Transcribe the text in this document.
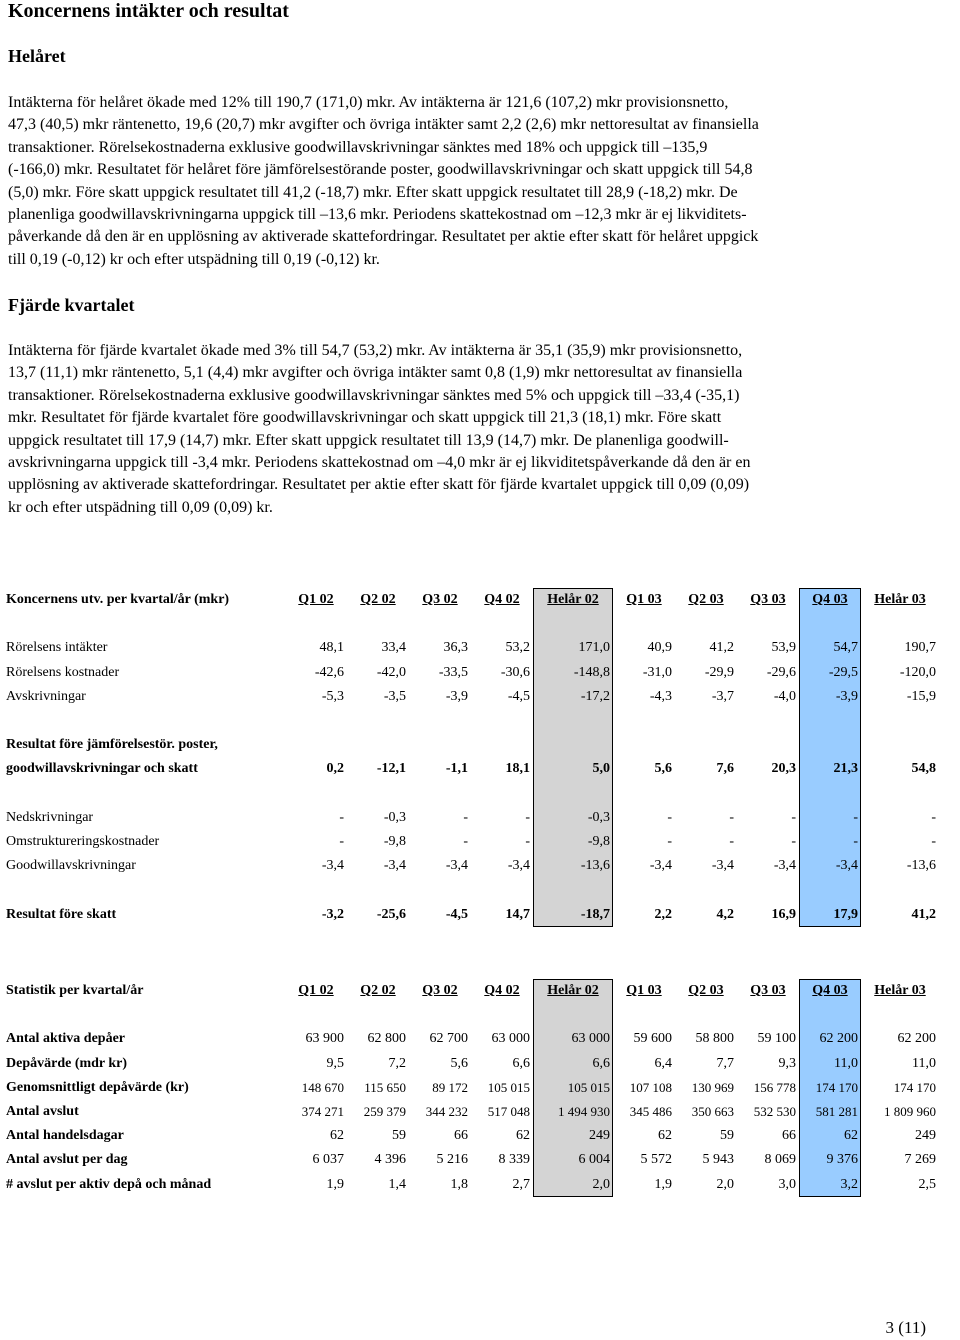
Koncernens intäkter och resultat
Helåret
Intäkterna för helåret ökade med 12% till 190,7 (171,0) mkr. Av intäkterna är 121,6 (107,2) mkr provisionsnetto,
47,3 (40,5) mkr räntenetto, 19,6 (20,7) mkr avgifter och övriga intäkter samt 2,2 (2,6) mkr nettoresultat av finansiella
transaktioner. Rörelsekostnaderna exklusive goodwillavskrivningar sänktes med 18% och uppgick till –135,9
(-166,0) mkr. Resultatet för helåret före jämförelsestörande poster, goodwillavskrivningar och skatt uppgick till 54,8
(5,0) mkr. Före skatt uppgick resultatet till 41,2 (-18,7) mkr. Efter skatt uppgick resultatet till 28,9 (-18,2) mkr. De
planenliga goodwillavskrivningarna uppgick till –13,6 mkr. Periodens skattekostnad om –12,3 mkr är ej likviditets-
påverkande då den är en upplösning av aktiverade skattefordringar. Resultatet per aktie efter skatt för helåret uppgick
till 0,19 (-0,12) kr och efter utspädning till 0,19 (-0,12) kr.
Fjärde kvartalet
Intäkterna för fjärde kvartalet ökade med 3% till 54,7 (53,2) mkr. Av intäkterna är 35,1 (35,9) mkr provisionsnetto,
13,7 (11,1) mkr räntenetto, 5,1 (4,4) mkr avgifter och övriga intäkter samt 0,8 (1,9) mkr nettoresultat av finansiella
transaktioner. Rörelsekostnaderna exklusive goodwillavskrivningar sänktes med 5% och uppgick till –33,4 (-35,1)
mkr. Resultatet för fjärde kvartalet före goodwillavskrivningar och skatt uppgick till 21,3 (18,1) mkr. Före skatt
uppgick resultatet till 17,9 (14,7) mkr. Efter skatt uppgick resultatet till 13,9 (14,7) mkr. De planenliga goodwill-
avskrivningarna uppgick till -3,4 mkr. Periodens skattekostnad om –4,0 mkr är ej likviditetspåverkande då den är en
upplösning av aktiverade skattefordringar. Resultatet per aktie efter skatt för fjärde kvartalet uppgick till 0,09 (0,09)
kr och efter utspädning till 0,09 (0,09) kr.
Koncernens utv. per kvartal/år (mkr)	Q1 02	Q2 02	Q3 02	Q4 02	Helår 02	Q1 03	Q2 03	Q3 03	Q4 03	Helår 03

Rörelsens intäkter	48,1	33,4	36,3	53,2	171,0	40,9	41,2	53,9	54,7	190,7
Rörelsens kostnader	-42,6	-42,0	-33,5	-30,6	-148,8	-31,0	-29,9	-29,6	-29,5	-120,0
Avskrivningar	-5,3	-3,5	-3,9	-4,5	-17,2	-4,3	-3,7	-4,0	-3,9	-15,9

Resultat före jämförelsestör. poster,										
goodwillavskrivningar och skatt	0,2	-12,1	-1,1	18,1	5,0	5,6	7,6	20,3	21,3	54,8

Nedskrivningar	-	-0,3	-	-	-0,3	-	-	-	-	-
Omstruktureringskostnader	-	-9,8	-	-	-9,8	-	-	-	-	-
Goodwillavskrivningar	-3,4	-3,4	-3,4	-3,4	-13,6	-3,4	-3,4	-3,4	-3,4	-13,6

Resultat före skatt	-3,2	-25,6	-4,5	14,7	-18,7	2,2	4,2	16,9	17,9	41,2
Statistik per kvartal/år	Q1 02	Q2 02	Q3 02	Q4 02	Helår 02	Q1 03	Q2 03	Q3 03	Q4 03	Helår 03

Antal aktiva depåer	63 900	62 800	62 700	63 000	63 000	59 600	58 800	59 100	62 200	62 200
Depåvärde (mdr kr)	9,5	7,2	5,6	6,6	6,6	6,4	7,7	9,3	11,0	11,0
Genomsnittligt depåvärde (kr)	148 670	115 650	89 172	105 015	105 015	107 108	130 969	156 778	174 170	174 170
Antal avslut	374 271	259 379	344 232	517 048	1 494 930	345 486	350 663	532 530	581 281	1 809 960
Antal handelsdagar	62	59	66	62	249	62	59	66	62	249
Antal avslut per dag	6 037	4 396	5 216	8 339	6 004	5 572	5 943	8 069	9 376	7 269
# avslut per aktiv depå och månad	1,9	1,4	1,8	2,7	2,0	1,9	2,0	3,0	3,2	2,5
3 (11)
